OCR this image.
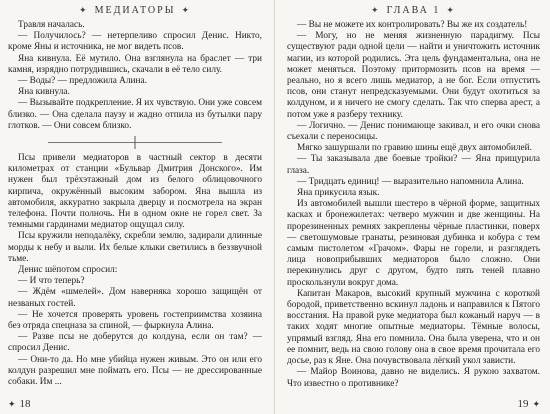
✦ МЕДИАТОРЫ ✦

Травля началась.

— Получилось? — нетерпеливо спросил Денис. Никто, кроме Яны и источника, не мог видеть псов.

Яна кивнула. Её мутило. Она взглянула на браслет — три камня, изрядно потрудившись, скачали в её тело силу.

— Воды? — предложила Алина.

Яна кивнула.

— Вызывайте подкрепление. Я их чувствую. Они уже совсем близко. — Она сделала паузу и жадно отпила из бутылки пару глотков. — Они совсем близко.

Псы привели медиаторов в частный сектор в десяти километрах от станции «Бульвар Дмитрия Донского». Им нужен был трёхэтажный дом из белого облицовочного кирпича, окружённый высоким забором. Яна вышла из автомобиля, аккуратно закрыла дверцу и посмотрела на экран телефона. Почти полночь. Ни в одном окне не горел свет. За темными гардинами медиатор ощущал силу.

Псы кружили неподалёку, скребли землю, задирали длинные морды к небу и выли. Их белые клыки светились в беззвучной тьме.

Денис шёпотом спросил:

— И что теперь?

— Ждём «шмелей». Дом наверняка хорошо защищён от незваных гостей.

— Не хочется проверять уровень гостеприимства хозяина без отряда спецназа за спиной, — фыркнула Алина.

— Разве псы не доберутся до колдуна, если он там? — спросил Денис.

— Они-то да. Но мне убийца нужен живым. Это он или его колдун разрешил мне поймать его. Псы — не дрессированные собаки. Им ...

✦ 18
✦ ГЛАВА 1 ✦

— Вы не можете их контролировать? Вы же их создатель!

— Могу, но не меняя жизненную парадигму. Псы существуют ради одной цели — найти и уничтожить источник магии, из которой родились. Эта цель фундаментальна, она не может меняться. Поэтому притормозить псов на время — реально, но я всего лишь медиатор, а не бог. Если отпустить псов, они станут непредсказуемыми. Они будут охотиться за колдуном, и я ничего не смогу сделать. Так что сперва арест, а потом уже я разберу технику.

— Логично. — Денис понимающе закивал, и его очки снова съехали с переносицы.

Мягко зашуршали по гравию шины ещё двух автомобилей.

— Ты заказывала две боевые тройки? — Яна прищурила глаза.

— Тридцать единиц! — выразительно напомнила Алина.

Яна прикусила язык.

Из автомобилей вышли шестеро в чёрной форме, защитных касках и бронежилетах: четверо мужчин и две женщины. На прорезиненных ремнях закреплены чёрные пластинки, поверх — светошумовые гранаты, резиновая дубинка и кобура с тем самым пистолетом «Грачом». Фары не горели, и разглядеть лица новоприбывших медиаторов было сложно. Они перекинулись друг с другом, будто пять теней плавно проскользнули вокруг дома.

Капитан Макаров, высокий крупный мужчина с короткой бородой, приветственно вскинул ладонь и направился к Пятого восстания. На правой руке медиатора был кожаный наруч — в таких ходят многие опытные медиаторы. Тёмные волосы, упрямый взгляд. Яна его помнила. Она была уверена, что и он ее помнит, ведь на свою голову она в свое время прочитала его досье, раз к Яне. Она почувствовала лёгкий укол зависти.

— Майор Воинова, давно не виделись. Я рукою захватом. Что известно о противнике?

19 ✦
